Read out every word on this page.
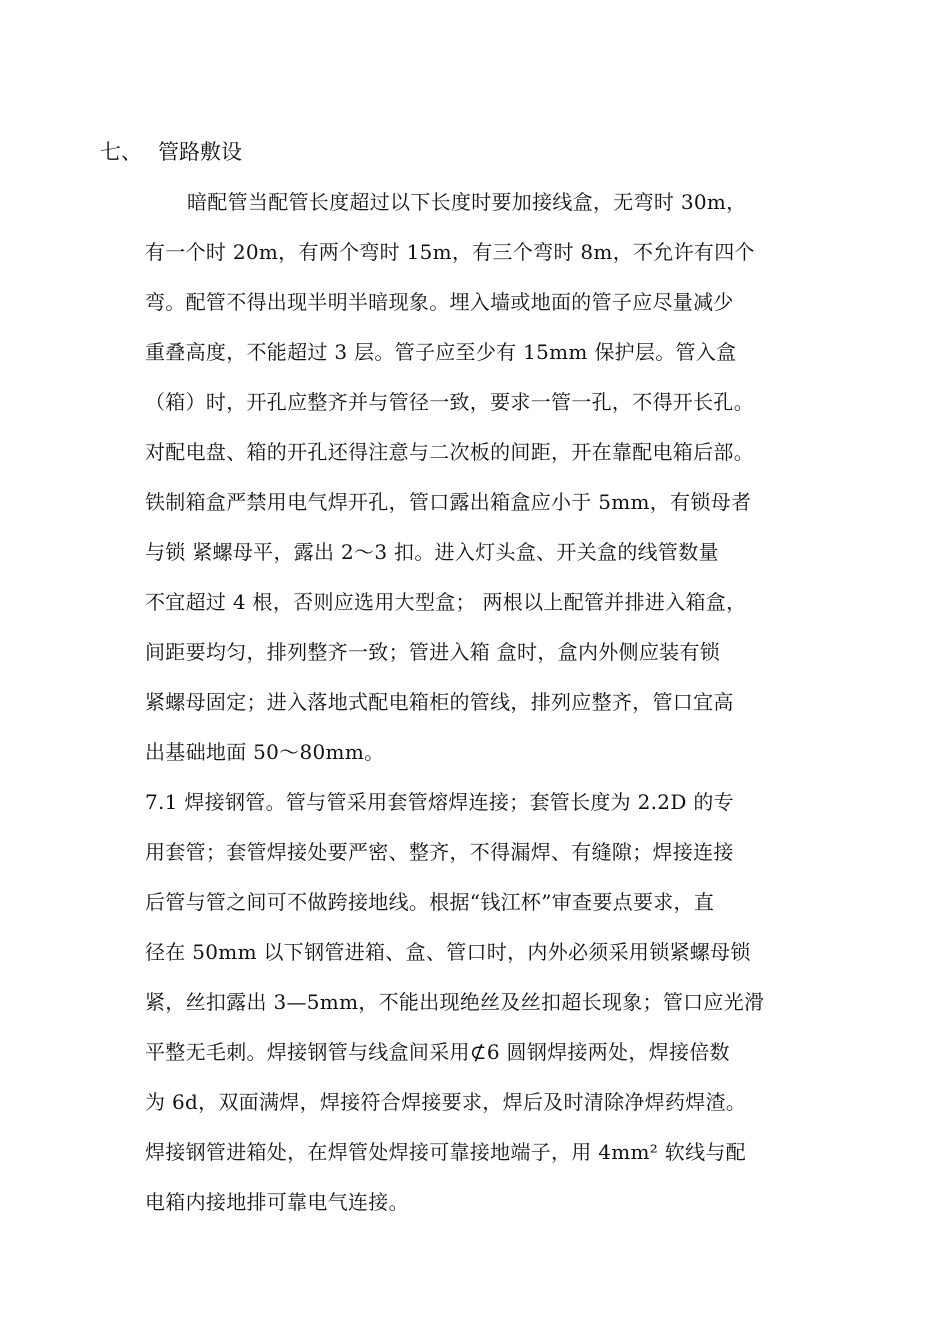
七、 管路敷设
暗配管当配管长度超过以下长度时要加接线盒，无弯时 30m，
有一个时 20m，有两个弯时 15m，有三个弯时 8m，不允许有四个
弯。配管不得出现半明半暗现象。埋入墙或地面的管子应尽量减少
重叠高度，不能超过 3 层。管子应至少有 15mm 保护层。管入盒
（箱）时，开孔应整齐并与管径一致，要求一管一孔，不得开长孔。
对配电盘、箱的开孔还得注意与二次板的间距，开在靠配电箱后部。
铁制箱盒严禁用电气焊开孔，管口露出箱盒应小于 5mm，有锁母者
与锁 紧螺母平，露出 2～3 扣。进入灯头盒、开关盒的线管数量
不宜超过 4 根，否则应选用大型盒； 两根以上配管并排进入箱盒，
间距要均匀，排列整齐一致；管进入箱 盒时，盒内外侧应装有锁
紧螺母固定；进入落地式配电箱柜的管线，排列应整齐，管口宜高
出基础地面 50～80mm。
7.1 焊接钢管。管与管采用套管熔焊连接；套管长度为 2.2D 的专
用套管；套管焊接处要严密、整齐，不得漏焊、有缝隙；焊接连接
后管与管之间可不做跨接地线。根据“钱江杯”审查要点要求，直
径在 50mm 以下钢管进箱、盒、管口时，内外必须采用锁紧螺母锁
紧，丝扣露出 3—5mm，不能出现绝丝及丝扣超长现象；管口应光滑
平整无毛刺。焊接钢管与线盒间采用⊄6 圆钢焊接两处，焊接倍数
为 6d，双面满焊，焊接符合焊接要求，焊后及时清除净焊药焊渣。
焊接钢管进箱处，在焊管处焊接可靠接地端子，用 4mm² 软线与配
电箱内接地排可靠电气连接。
